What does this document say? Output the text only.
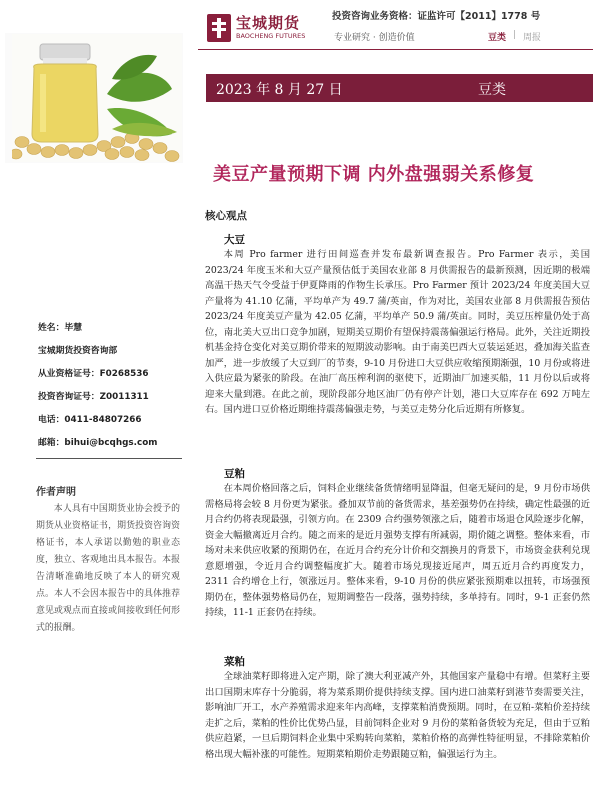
宝城期货
BAOCHENG FUTURES
投资咨询业务资格：证监许可【2011】1778 号
专业研究 · 创造价值	豆类 | 周报
2023 年 8 月 27 日	豆类
美豆产量预期下调 内外盘强弱关系修复
核心观点
大豆
本周 Pro farmer 进行田间巡查并发布最新调查报告。Pro Farmer 表示，美国 2023/24 年度玉米和大豆产量预估低于美国农业部 8 月供需报告的最新预测，因近期的极端高温干热天气令受益于伊夏降雨的作物生长承压。Pro Farmer 预计 2023/24 年度美国大豆产量将为 41.10 亿蒲，平均单产为 49.7 蒲/英亩，作为对比，美国农业部 8 月供需报告预估 2023/24 年度美豆产量为 42.05 亿蒲，平均单产 50.9 蒲/英亩。同时，美豆压榨量仍处于高位，南北美大豆出口竞争加剧，短期美豆期价有望保持震荡偏强运行格局。此外，关注近期投机基金持仓变化对美豆期价带来的短期波动影响。由于南美巴西大豆装运延迟，叠加海关监查加严，进一步放缓了大豆到厂的节奏，9-10 月份进口大豆供应收缩预期渐强，10 月份或将进入供应最为紧张的阶段。在油厂高压榨利润的驱使下，近期油厂加速买船，11 月份以后或将迎来大量到港。在此之前，现阶段部分地区油厂仍有停产计划，港口大豆库存在 692 万吨左右。国内进口豆价格近期维持震荡偏强走势，与美豆走势分化后近期有所修复。
豆粕
在本周价格回落之后，饲料企业继续备货情绪明显降温，但毫无疑问的是，9 月份市场供需格局将会较 8 月份更为紧张。叠加双节前的备货需求，基差强势仍在持续，确定性最强的近月合约仍将表现最强，引领方向。在 2309 合约强势领涨之后，随着市场退仓风险逐步化解，资金大幅撤离近月合约。随之而来的是近月强势支撑有所减弱，期价随之调整。整体来看，市场对未来供应收紧的预期仍在，在近月合约充分计价和交割换月的背景下，市场资金获利兑现意愿增强，令近月合约调整幅度扩大。随着市场兑现接近尾声，周五近月合约再度发力，2311 合约增仓上行，领涨远月。整体来看，9-10 月份的供应紧张预期难以扭转，市场强预期仍在，整体强势格局仍在，短期调整告一段落，强势持续，多单持有。同时，9-1 正套仍然持续，11-1 正套仍在持续。
菜粕
全球油菜籽即将进入定产期，除了澳大利亚减产外，其他国家产量稳中有增。但菜籽主要出口国期末库存十分脆弱，将为菜系期价提供持续支撑。国内进口油菜籽到港节奏需要关注，影响油厂开工，水产养殖需求迎来年内高峰，支撑菜粕消费预期。同时，在豆粕-菜粕价差持续走扩之后，菜粕的性价比优势凸显，目前饲料企业对 9 月份的菜粕备货较为充足，但由于豆粕供应趋紧，一旦后期饲料企业集中采购转向菜粕，菜粕价格的高弹性特征明显，不排除菜粕价格出现大幅补涨的可能性。短期菜粕期价走势跟随豆粕，偏强运行为主。
姓名：毕慧
宝城期货投资咨询部
从业资格证号：F0268536
投资咨询证号：Z0011311
电话：0411-84807266
邮箱：bihui@bcqhgs.com
作者声明
本人具有中国期货业协会授予的期货从业资格证书，期货投资咨询资格证书，本人承诺以勤勉的职业态度，独立、客观地出具本报告。本报告清晰准确地反映了本人的研究观点。本人不会因本报告中的具体推荐意见或观点而直接或间接收到任何形式的报酬。
